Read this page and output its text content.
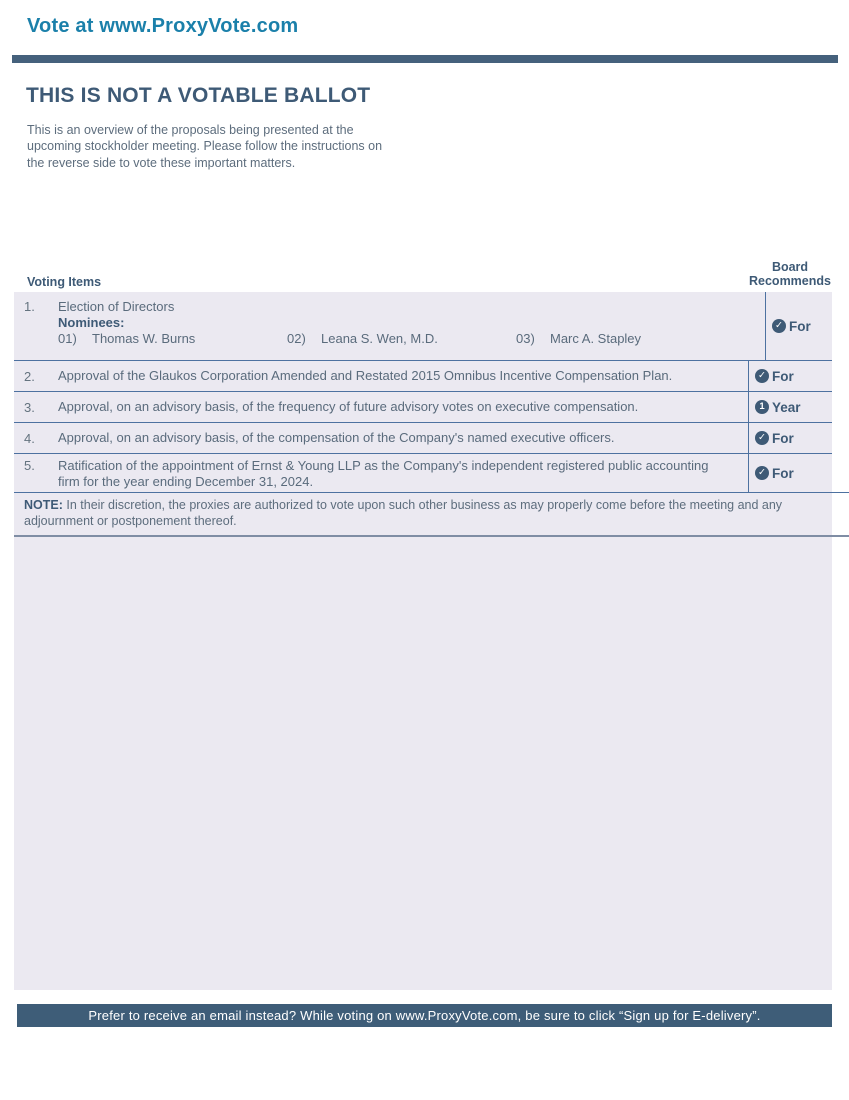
Vote at www.ProxyVote.com
THIS IS NOT A VOTABLE BALLOT
This is an overview of the proposals being presented at the
upcoming stockholder meeting. Please follow the instructions on
the reverse side to vote these important matters.
Voting Items
Board Recommends
1.	Election of Directors
Nominees:
01)	Thomas W. Burns	02)	Leana S. Wen, M.D.	03)	Marc A. Stapley
✓ For
2.	Approval of the Glaukos Corporation Amended and Restated 2015 Omnibus Incentive Compensation Plan.	✓ For
3.	Approval, on an advisory basis, of the frequency of future advisory votes on executive compensation.	1 Year
4.	Approval, on an advisory basis, of the compensation of the Company's named executive officers.	✓ For
5.	Ratification of the appointment of Ernst & Young LLP as the Company's independent registered public accounting firm for the year ending December 31, 2024.
✓ For
NOTE: In their discretion, the proxies are authorized to vote upon such other business as may properly come before the meeting and any
adjournment or postponement thereof.
Prefer to receive an email instead? While voting on www.ProxyVote.com, be sure to click “Sign up for E-delivery”.
